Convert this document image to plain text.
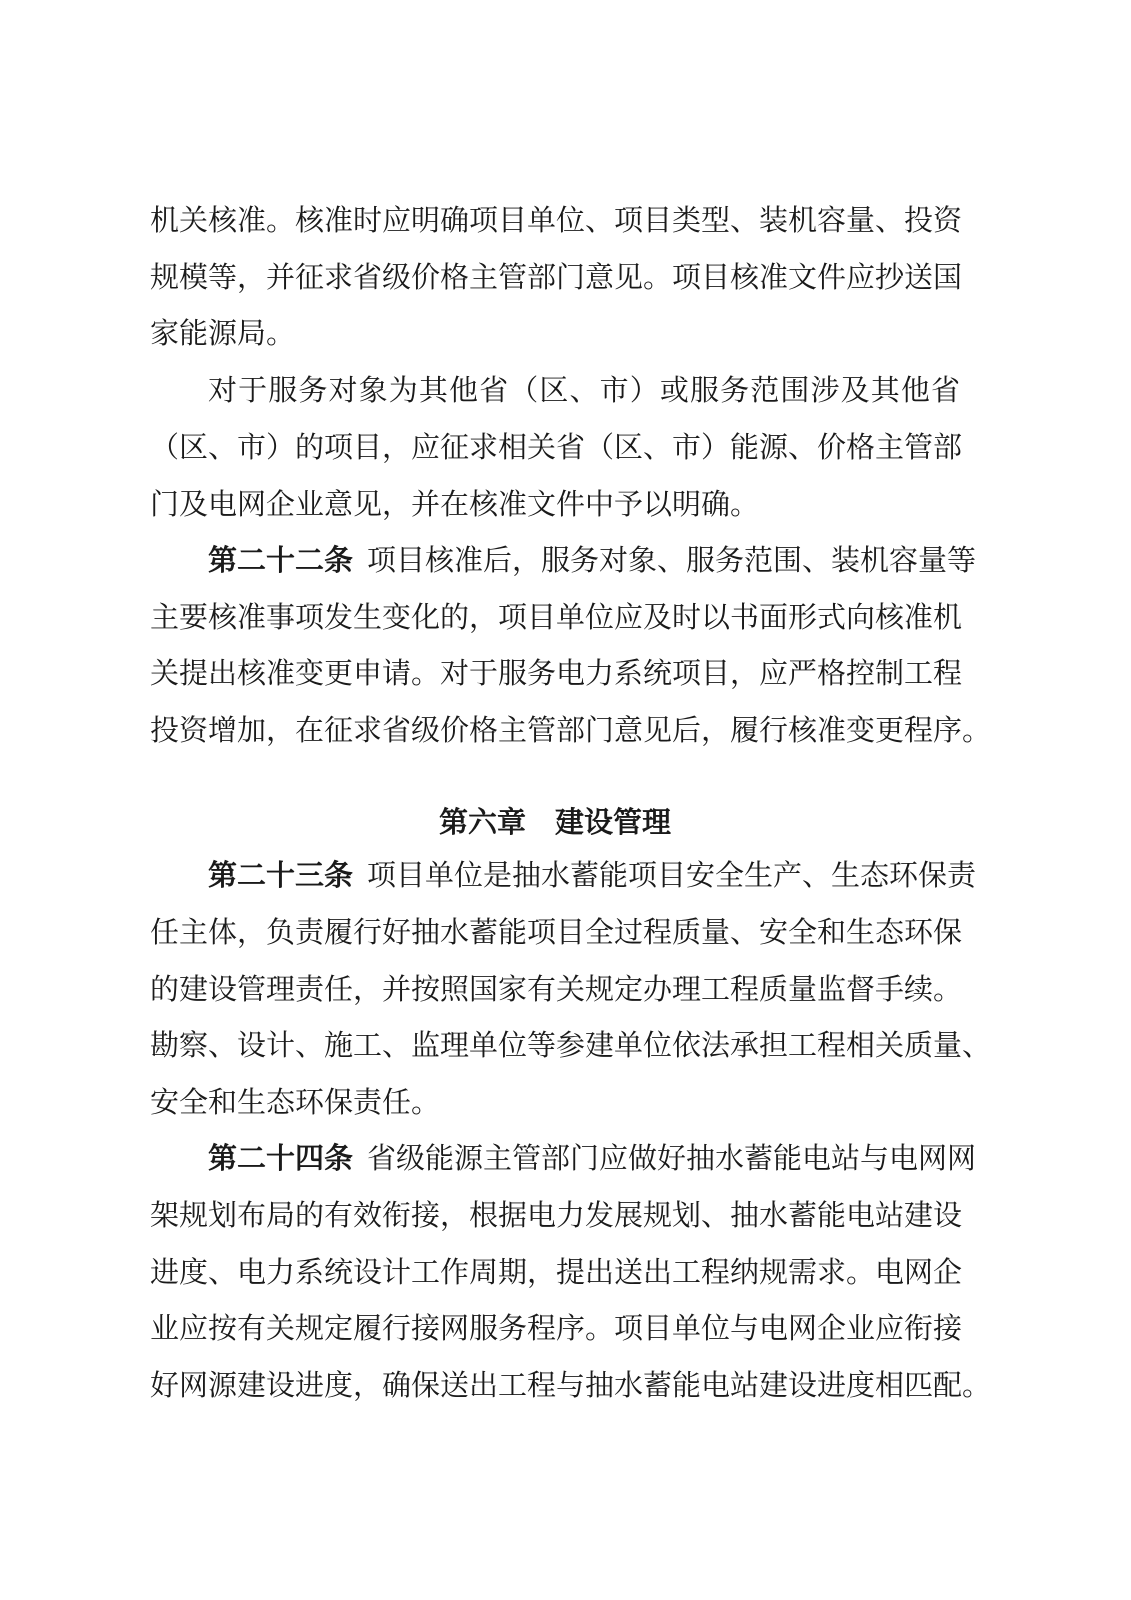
机关核准。核准时应明确项目单位、项目类型、装机容量、投资
规模等，并征求省级价格主管部门意见。项目核准文件应抄送国
家能源局。
对于服务对象为其他省（区、市）或服务范围涉及其他省
（区、市）的项目，应征求相关省（区、市）能源、价格主管部
门及电网企业意见，并在核准文件中予以明确。
第二十二条 项目核准后，服务对象、服务范围、装机容量等
主要核准事项发生变化的，项目单位应及时以书面形式向核准机
关提出核准变更申请。对于服务电力系统项目，应严格控制工程
投资增加，在征求省级价格主管部门意见后，履行核准变更程序。
第六章　建设管理
第二十三条 项目单位是抽水蓄能项目安全生产、生态环保责
任主体，负责履行好抽水蓄能项目全过程质量、安全和生态环保
的建设管理责任，并按照国家有关规定办理工程质量监督手续。
勘察、设计、施工、监理单位等参建单位依法承担工程相关质量、
安全和生态环保责任。
第二十四条 省级能源主管部门应做好抽水蓄能电站与电网网
架规划布局的有效衔接，根据电力发展规划、抽水蓄能电站建设
进度、电力系统设计工作周期，提出送出工程纳规需求。电网企
业应按有关规定履行接网服务程序。项目单位与电网企业应衔接
好网源建设进度，确保送出工程与抽水蓄能电站建设进度相匹配。
